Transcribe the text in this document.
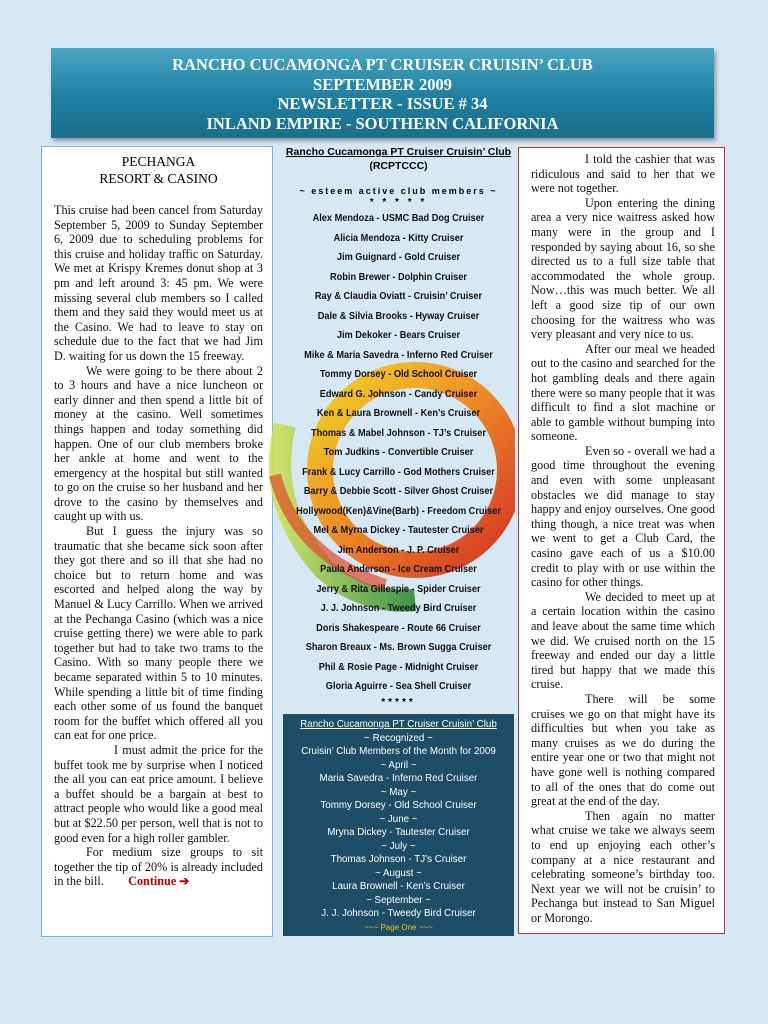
RANCHO CUCAMONGA PT CRUISER CRUISIN’ CLUB
SEPTEMBER 2009
NEWSLETTER - ISSUE # 34
INLAND EMPIRE - SOUTHERN CALIFORNIA
PECHANGA
RESORT & CASINO

This cruise had been cancel from Saturday September 5, 2009 to Sunday September 6, 2009 due to scheduling problems for this cruise and holiday traffic on Saturday. We met at Krispy Kremes donut shop at 3 pm and left around 3: 45 pm. We were missing several club members so I called them and they said they would meet us at the Casino. We had to leave to stay on schedule due to the fact that we had Jim D. waiting for us down the 15 freeway.

We were going to be there about 2 to 3 hours and have a nice luncheon or early dinner and then spend a little bit of money at the casino. Well sometimes things happen and today something did happen. One of our club members broke her ankle at home and went to the emergency at the hospital but still wanted to go on the cruise so her husband and her drove to the casino by themselves and caught up with us.

But I guess the injury was so traumatic that she became sick soon after they got there and so ill that she had no choice but to return home and was escorted and helped along the way by Manuel & Lucy Carrillo. When we arrived at the Pechanga Casino (which was a nice cruise getting there) we were able to park together but had to take two trams to the Casino. With so many people there we became separated within 5 to 10 minutes. While spending a little bit of time finding each other some of us found the banquet room for the buffet which offered all you can eat for one price.

I must admit the price for the buffet took me by surprise when I noticed the all you can eat price amount. I believe a buffet should be a bargain at best to attract people who would like a good meal but at $22.50 per person, well that is not to good even for a high roller gambler.

For medium size groups to sit together the tip of 20% is already included in the bill. Continue ➔

Rancho Cucamonga PT Cruiser Cruisin’ Club
(RCPTCCC)
~ esteem active club members ~
* * * * *
Alex Mendoza - USMC Bad Dog Cruiser
Alicia Mendoza - Kitty Cruiser
Jim Guignard - Gold Cruiser
Robin Brewer - Dolphin Cruiser
Ray & Claudia Oviatt - Cruisin’ Cruiser
Dale & Silvia Brooks - Hyway Cruiser
Jim Dekoker - Bears Cruiser
Mike & Maria Savedra - Inferno Red Cruiser
Tommy Dorsey - Old School Cruiser
Edward G. Johnson - Candy Cruiser
Ken & Laura Brownell - Ken’s Cruiser
Thomas & Mabel Johnson - TJ’s Cruiser
Tom Judkins - Convertible Cruiser
Frank & Lucy Carrillo - God Mothers Cruiser
Barry & Debbie Scott - Silver Ghost Cruiser
Hollywood(Ken)&Vine(Barb) - Freedom Cruiser
Mel & Myrna Dickey - Tautester Cruiser
Jim Anderson - J. P. Cruiser
Paula Anderson - Ice Cream Cruiser
Jerry & Rita Gillespie - Spider Cruiser
J. J. Johnson - Tweedy Bird Cruiser
Doris Shakespeare - Route 66 Cruiser
Sharon Breaux - Ms. Brown Sugga Cruiser
Phil & Rosie Page - Midnight Cruiser
Gloria Aguirre - Sea Shell Cruiser
*****
Rancho Cucamonga PT Cruiser Cruisin’ Club
~ Recognized ~
Cruisin’ Club Members of the Month for 2009
~ April ~
Maria Savedra - Inferno Red Cruiser
~ May ~
Tommy Dorsey - Old School Cruiser
~ June ~
Mryna Dickey - Tautester Cruiser
~ July ~
Thomas Johnson - TJ’s Cruiser
~ August ~
Laura Brownell - Ken’s Cruiser
~ September ~
J. J. Johnson - Tweedy Bird Cruiser
~~~ Page One ~~~

I told the cashier that was ridiculous and said to her that we were not together.

Upon entering the dining area a very nice waitress asked how many were in the group and I responded by saying about 16, so she directed us to a full size table that accommodated the whole group. Now…this was much better. We all left a good size tip of our own choosing for the waitress who was very pleasant and very nice to us.

After our meal we headed out to the casino and searched for the hot gambling deals and there again there were so many people that it was difficult to find a slot machine or able to gamble without bumping into someone.

Even so - overall we had a good time throughout the evening and even with some unpleasant obstacles we did manage to stay happy and enjoy ourselves. One good thing though, a nice treat was when we went to get a Club Card, the casino gave each of us a $10.00 credit to play with or use within the casino for other things.

We decided to meet up at a certain location within the casino and leave about the same time which we did. We cruised north on the 15 freeway and ended our day a little tired but happy that we made this cruise.

There will be some cruises we go on that might have its difficulties but when you take as many cruises as we do during the entire year one or two that might not have gone well is nothing compared to all of the ones that do come out great at the end of the day.

Then again no matter what cruise we take we always seem to end up enjoying each other’s company at a nice restaurant and celebrating someone’s birthday too. Next year we will not be cruisin’ to Pechanga but instead to San Miguel or Morongo.
